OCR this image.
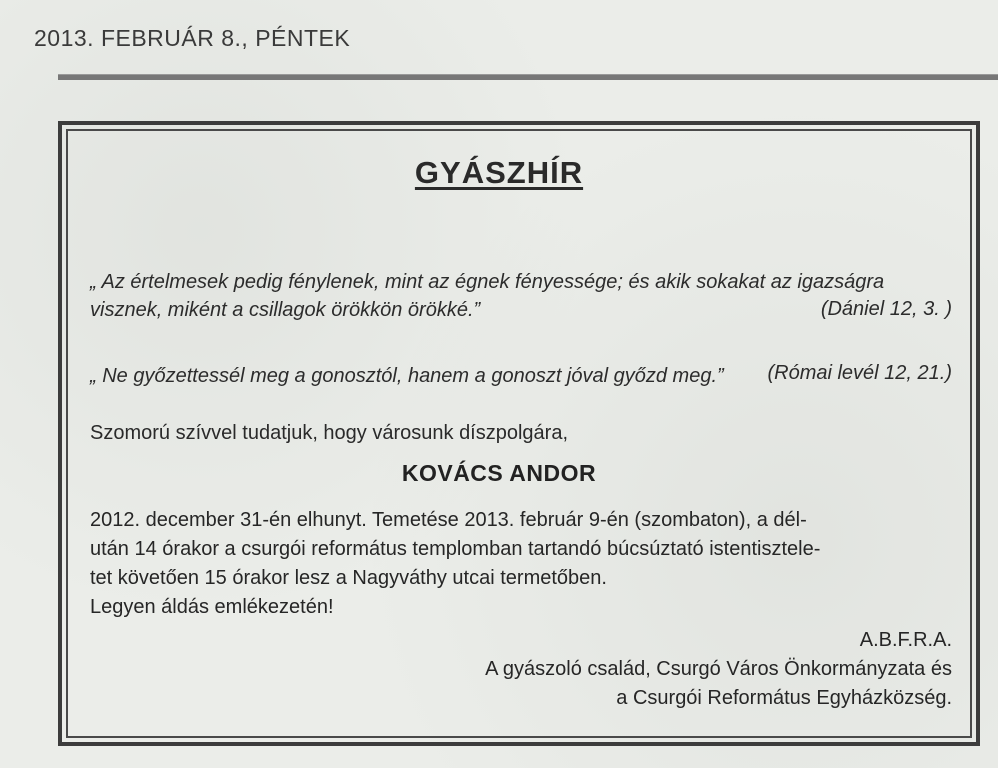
2013. FEBRUÁR 8., PÉNTEK
GYÁSZHÍR
„ Az értelmesek pedig fénylenek, mint az égnek fényessége; és akik sokakat az igazságra
visznek, miként a csillagok örökkön örökké.”	(Dániel 12, 3. )
„ Ne győzettessél meg a gonosztól, hanem a gonoszt jóval győzd meg.”	(Római levél 12, 21.)
Szomorú szívvel tudatjuk, hogy városunk díszpolgára,
KOVÁCS ANDOR
2012. december 31-én elhunyt. Temetése 2013. február 9-én (szombaton), a dél-
után 14 órakor a csurgói református templomban tartandó búcsúztató istentisztele-
tet követően 15 órakor lesz a Nagyváthy utcai termetőben.
Legyen áldás emlékezetén!
A.B.F.R.A.
A gyászoló család, Csurgó Város Önkormányzata és
a Csurgói Református Egyházközség.
